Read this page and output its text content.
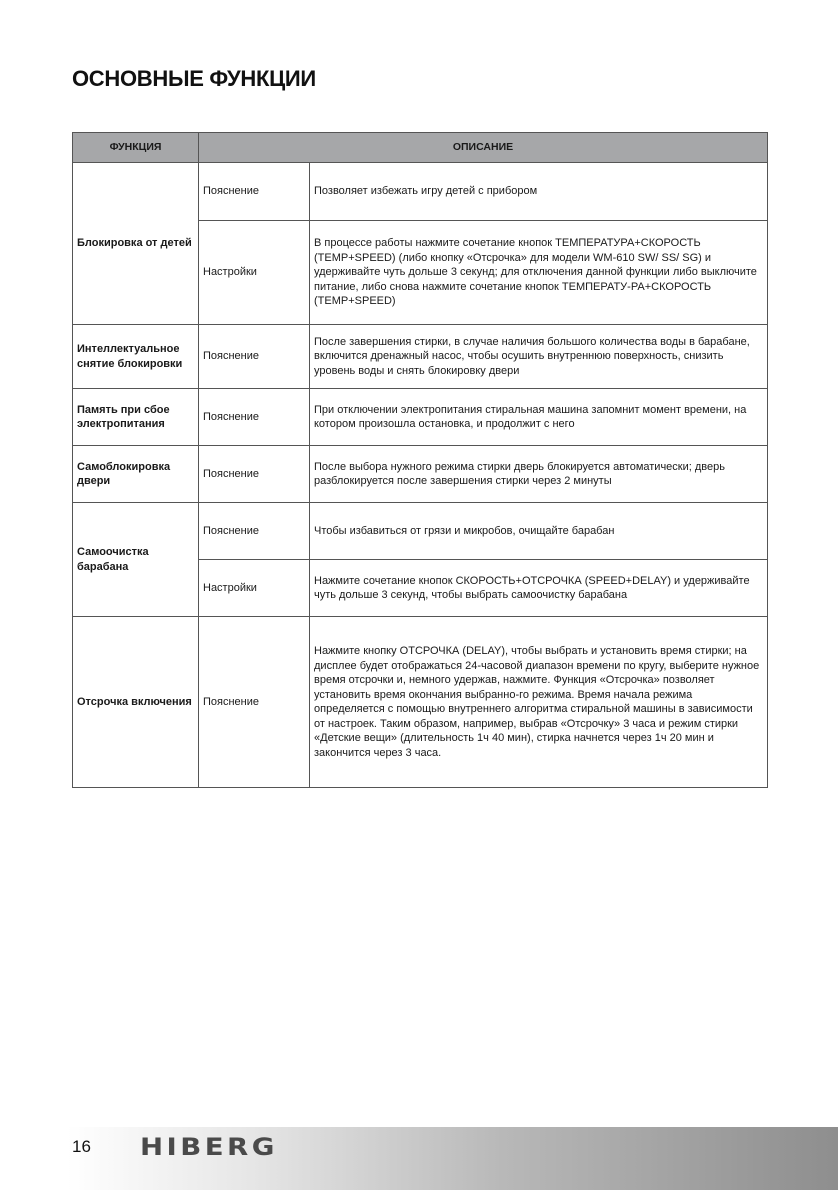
ОСНОВНЫЕ ФУНКЦИИ
ФУНКЦИЯ	ОПИСАНИЕ	
Блокировка от детей	Пояснение	Позволяет избежать игру детей с прибором
	Настройки	В процессе работы нажмите сочетание кнопок ТЕМПЕРАТУРА+СКОРОСТЬ (TEMP+SPEED) (либо кнопку «Отсрочка» для модели WM-610 SW/ SS/ SG) и удерживайте чуть дольше 3 секунд; для отключения данной функции либо выключите питание, либо снова нажмите сочетание кнопок ТЕМПЕРАТУ-РА+СКОРОСТЬ (TEMP+SPEED)
Интеллектуальное снятие блокировки	Пояснение	После завершения стирки, в случае наличия большого количества воды в барабане, включится дренажный насос, чтобы осушить внутреннюю поверхность, снизить уровень воды и снять блокировку двери
Память при сбое электропитания	Пояснение	При отключении электропитания стиральная машина запомнит момент времени, на котором произошла остановка, и продолжит с него
Самоблокировка двери	Пояснение	После выбора нужного режима стирки дверь блокируется автоматически; дверь разблокируется после завершения стирки через 2 минуты
Самоочистка барабана	Пояснение	Чтобы избавиться от грязи и микробов, очищайте барабан
	Настройки	Нажмите сочетание кнопок СКОРОСТЬ+ОТСРОЧКА (SPEED+DELAY) и удерживайте чуть дольше 3 секунд, чтобы выбрать самоочистку барабана
Отсрочка включения	Пояснение	Нажмите кнопку ОТСРОЧКА (DELAY), чтобы выбрать и установить время стирки; на дисплее будет отображаться 24-часовой диапазон времени по кругу, выберите нужное время отсрочки и, немного удержав, нажмите. Функция «Отсрочка» позволяет установить время окончания выбранно-го режима. Время начала режима определяется с помощью внутреннего алгоритма стиральной машины в зависимости от настроек. Таким образом, например, выбрав «Отсрочку» 3 часа и режим стирки «Детские вещи» (длительность 1ч 40 мин), стирка начнется через 1ч 20 мин и закончится через 3 часа.
16 HIBERG
